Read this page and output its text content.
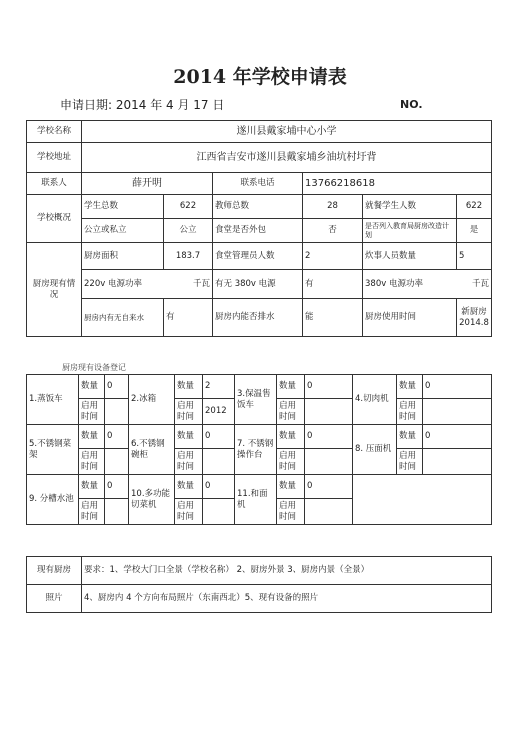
2014 年学校申请表
申请日期: 2014 年 4 月 17 日	NO.
学校名称	遂川县戴家埔中心小学					
学校地址	江西省吉安市遂川县戴家埔乡油坑村圩背					
联系人	薛开明		联系电话	13766218618		
学校概况	学生总数	622	教师总数	28	就餐学生人数	622
	公立或私立	公立	食堂是否外包	否	是否列入教育局厨房改造计划	是
厨房现有情况	厨房面积	183.7	食堂管理员人数	2	炊事人员数量	5
	220v 电源功率 千瓦		有无 380v 电源	有	380v 电源功率 千瓦	

	厨房内有无自来水	有	厨房内能否排水	能	厨房使用时间	新厨房
2014.8
厨房现有设备登记
1.蒸饭车	数量	0	2.冰箱	数量	2	3.保温售饭车	数量	0	4.切肉机	数量	0
	启用时间			启用时间	2012		启用时间			启用时间	
5.不锈钢菜架	数量	0	6.不锈钢碗柜	数量	0	7. 不锈钢操作台	数量	0	8. 压面机	数量	0
	启用时间			启用时间			启用时间			启用时间	
9. 分槽水池	数量	0	10.多功能切菜机	数量	0	11.和面机	数量	0			
	启用时间			启用时间			启用时间				
现有厨房	要求：1、学校大门口全景（学校名称） 2、厨房外景 3、厨房内景（全景）
照片	4、厨房内 4 个方向布局照片（东南西北）5、现有设备的照片
